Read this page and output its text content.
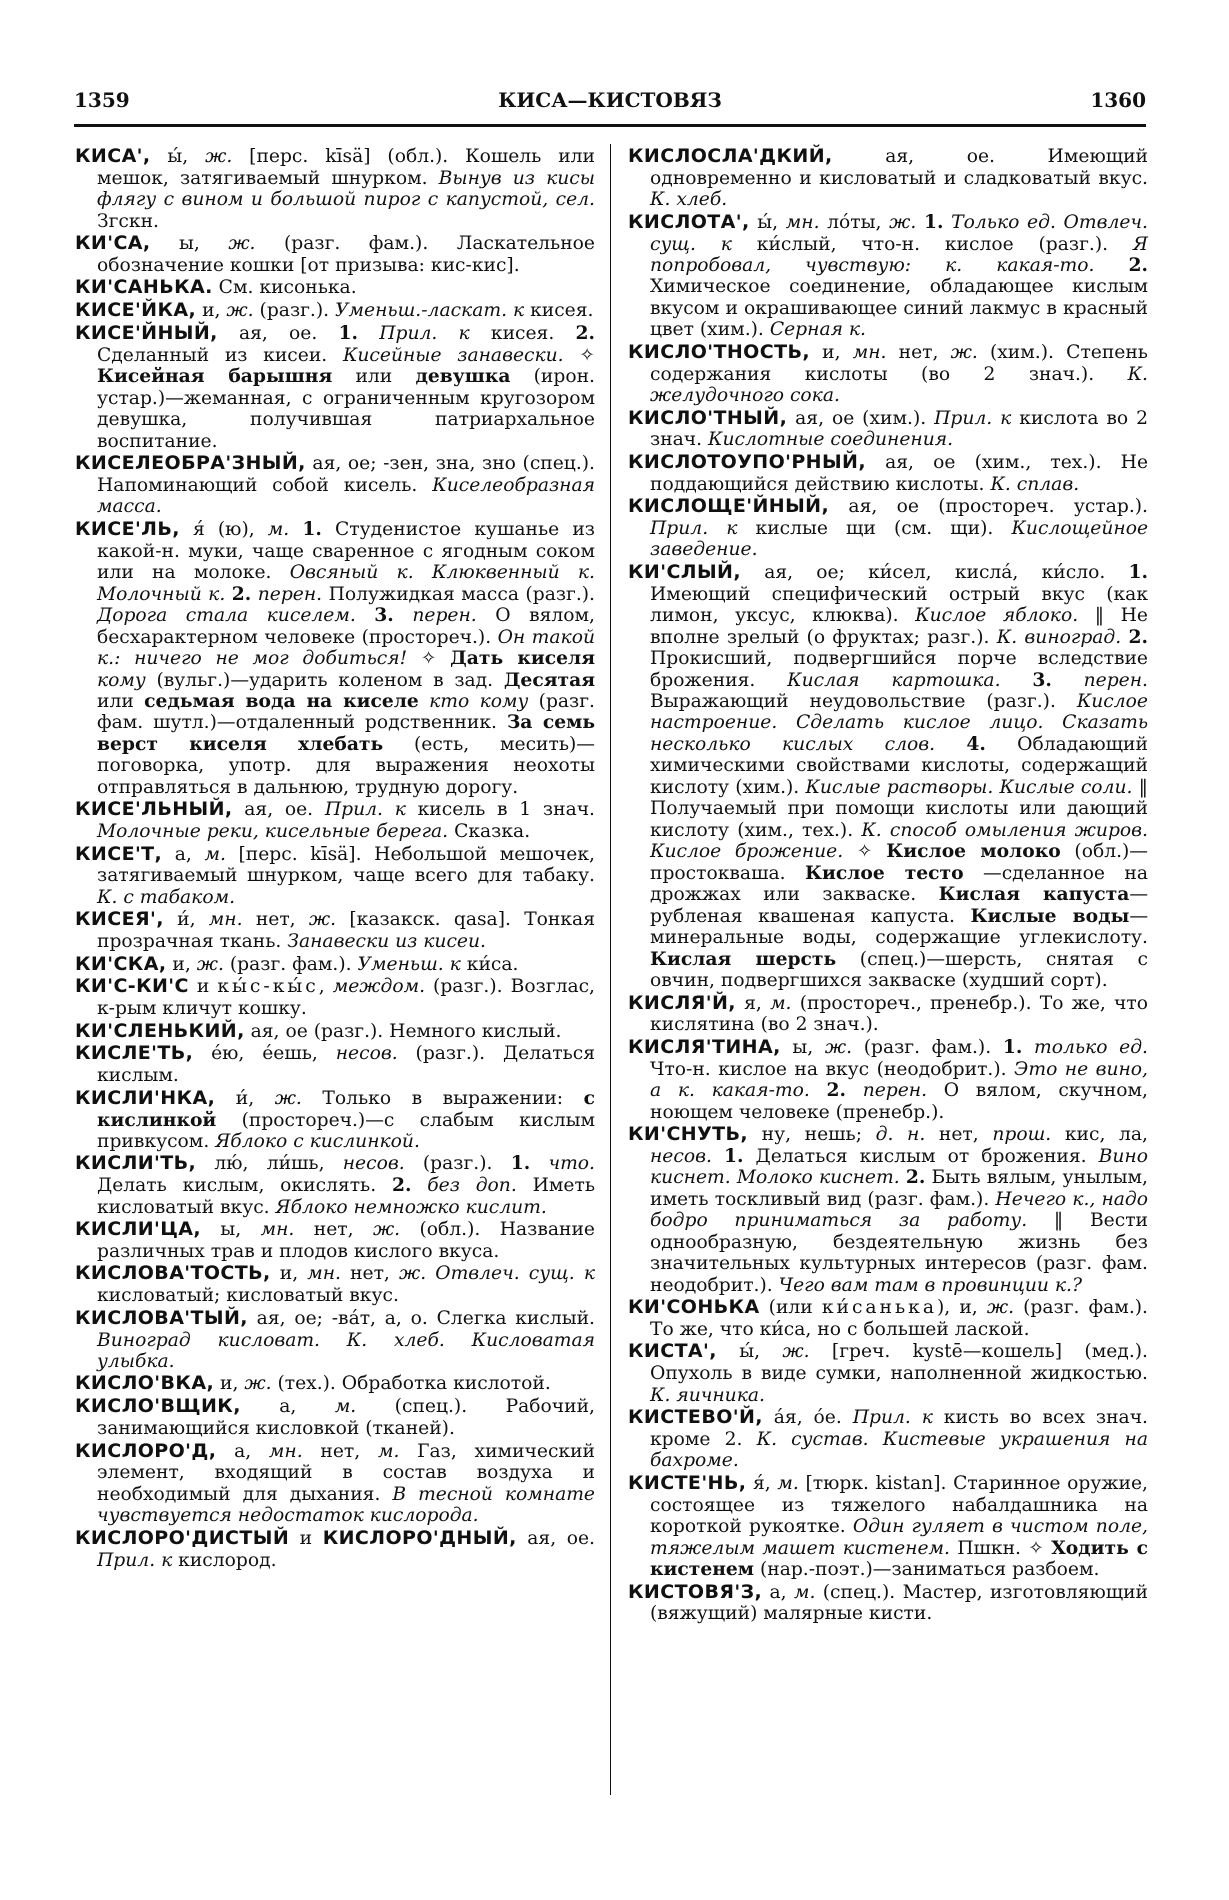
1359	КИСА—КИСТОВЯЗ	1360

КИСА', ы́, ж. [перс. kīsä] (обл.). Кошель или мешок, затягиваемый шнурком. Вынув из кисы флягу с вином и большой пирог с капустой, сел. Згскн.

КИ'СА, ы, ж. (разг. фам.). Ласкательное обозначение кошки [от призыва: кис-кис].

КИ'САНЬКА. См. кисонька.

КИСЕ'ЙКА, и, ж. (разг.). Уменьш.-ласкат. к кисея.

КИСЕ'ЙНЫЙ, ая, ое. 1. Прил. к кисея. 2. Сделанный из кисеи. Кисейные занавески. ✧ Кисейная барышня или девушка (ирон. устар.)—жеманная, с ограниченным кругозором девушка, получившая патриархальное воспитание.

КИСЕЛЕОБРА'ЗНЫЙ, ая, ое; -зен, зна, зно (спец.). Напоминающий собой кисель. Киселеобразная масса.

КИСЕ'ЛЬ, я́ (ю), м. 1. Студенистое кушанье из какой-н. муки, чаще сваренное с ягодным соком или на молоке. Овсяный к. Клюквенный к. Молочный к. 2. перен. Полужидкая масса (разг.). Дорога стала киселем. 3. перен. О вялом, бесхарактерном человеке (простореч.). Он такой к.: ничего не мог добиться! ✧ Дать киселя кому (вульг.)—ударить коленом в зад. Десятая или седьмая вода на киселе кто кому (разг. фам. шутл.)—отдаленный родственник. За семь верст киселя хлебать (есть, месить)—поговорка, употр. для выражения неохоты отправляться в дальнюю, трудную дорогу.

КИСЕ'ЛЬНЫЙ, ая, ое. Прил. к кисель в 1 знач. Молочные реки, кисельные берега. Сказка.

КИСЕ'Т, а, м. [перс. kīsä]. Небольшой мешочек, затягиваемый шнурком, чаще всего для табаку. К. с табаком.

КИСЕЯ', и́, мн. нет, ж. [казакск. qasa]. Тонкая прозрачная ткань. Занавески из кисеи.

КИ'СКА, и, ж. (разг. фам.). Уменьш. к ки́са.

КИ'С-КИ'С и кы́с-кы́с, междом. (разг.). Возглас, к-рым кличут кошку.

КИ'СЛЕНЬКИЙ, ая, ое (разг.). Немного кислый.

КИСЛЕ'ТЬ, е́ю, е́ешь, несов. (разг.). Делаться кислым.

КИСЛИ'НКА, и́, ж. Только в выражении: с кислинкой (простореч.)—с слабым кислым привкусом. Яблоко с кислинкой.

КИСЛИ'ТЬ, лю́, ли́шь, несов. (разг.). 1. что. Делать кислым, окислять. 2. без доп. Иметь кисловатый вкус. Яблоко немножко кислит.

КИСЛИ'ЦА, ы, мн. нет, ж. (обл.). Название различных трав и плодов кислого вкуса.

КИСЛОВА'ТОСТЬ, и, мн. нет, ж. Отвлеч. сущ. к кисловатый; кисловатый вкус.

КИСЛОВА'ТЫЙ, ая, ое; -ва́т, а, о. Слегка кислый. Виноград кисловат. К. хлеб. Кисловатая улыбка.

КИСЛО'ВКА, и, ж. (тех.). Обработка кислотой.

КИСЛО'ВЩИК, а, м. (спец.). Рабочий, занимающийся кисловкой (тканей).

КИСЛОРО'Д, а, мн. нет, м. Газ, химический элемент, входящий в состав воздуха и необходимый для дыхания. В тесной комнате чувствуется недостаток кислорода.

КИСЛОРО'ДИСТЫЙ и КИСЛОРО'ДНЫЙ, ая, ое. Прил. к кислород.

КИСЛОСЛА'ДКИЙ, ая, ое. Имеющий одновременно и кисловатый и сладковатый вкус. К. хлеб.

КИСЛОТА', ы́, мн. ло́ты, ж. 1. Только ед. Отвлеч. сущ. к ки́слый, что-н. кислое (разг.). Я попробовал, чувствую: к. какая-то. 2. Химическое соединение, обладающее кислым вкусом и окрашивающее синий лакмус в красный цвет (хим.). Серная к.

КИСЛО'ТНОСТЬ, и, мн. нет, ж. (хим.). Степень содержания кислоты (во 2 знач.). К. желудочного сока.

КИСЛО'ТНЫЙ, ая, ое (хим.). Прил. к кислота во 2 знач. Кислотные соединения.

КИСЛОТОУПО'РНЫЙ, ая, ое (хим., тех.). Не поддающийся действию кислоты. К. сплав.

КИСЛОЩЕ'ЙНЫЙ, ая, ое (простореч. устар.). Прил. к кислые щи (см. щи). Кислощейное заведение.

КИ'СЛЫЙ, ая, ое; ки́сел, кисла́, ки́сло. 1. Имеющий специфический острый вкус (как лимон, уксус, клюква). Кислое яблоко. ‖ Не вполне зрелый (о фруктах; разг.). К. виноград. 2. Прокисший, подвергшийся порче вследствие брожения. Кислая картошка. 3. перен. Выражающий неудовольствие (разг.). Кислое настроение. Сделать кислое лицо. Сказать несколько кислых слов. 4. Обладающий химическими свойствами кислоты, содержащий кислоту (хим.). Кислые растворы. Кислые соли. ‖ Получаемый при помощи кислоты или дающий кислоту (хим., тех.). К. способ омыления жиров. Кислое брожение. ✧ Кислое молоко (обл.)—простокваша. Кислое тесто —сделанное на дрожжах или закваске. Кислая капуста—рубленая квашеная капуста. Кислые воды—минеральные воды, содержащие углекислоту. Кислая шерсть (спец.)—шерсть, снятая с овчин, подвергшихся закваске (худший сорт).

КИСЛЯ'Й, я, м. (простореч., пренебр.). То же, что кислятина (во 2 знач.).

КИСЛЯ'ТИНА, ы, ж. (разг. фам.). 1. только ед. Что-н. кислое на вкус (неодобрит.). Это не вино, а к. какая-то. 2. перен. О вялом, скучном, ноющем человеке (пренебр.).

КИ'СНУТЬ, ну, нешь; д. н. нет, прош. кис, ла, несов. 1. Делаться кислым от брожения. Вино киснет. Молоко киснет. 2. Быть вялым, унылым, иметь тоскливый вид (разг. фам.). Нечего к., надо бодро приниматься за работу. ‖ Вести однообразную, бездеятельную жизнь без значительных культурных интересов (разг. фам. неодобрит.). Чего вам там в провинции к.?

КИ'СОНЬКА (или ки́санька), и, ж. (разг. фам.). То же, что ки́са, но с большей лаской.

КИСТА', ы́, ж. [греч. kystē—кошель] (мед.). Опухоль в виде сумки, наполненной жидкостью. К. яичника.

КИСТЕВО'Й, а́я, о́е. Прил. к кисть во всех знач. кроме 2. К. сустав. Кистевые украшения на бахроме.

КИСТЕ'НЬ, я́, м. [тюрк. kistan]. Старинное оружие, состоящее из тяжелого набалдашника на короткой рукоятке. Один гуляет в чистом поле, тяжелым машет кистенем. Пшкн. ✧ Ходить с кистенем (нар.-поэт.)—заниматься разбоем.

КИСТОВЯ'З, а, м. (спец.). Мастер, изготовляющий (вяжущий) малярные кисти.
